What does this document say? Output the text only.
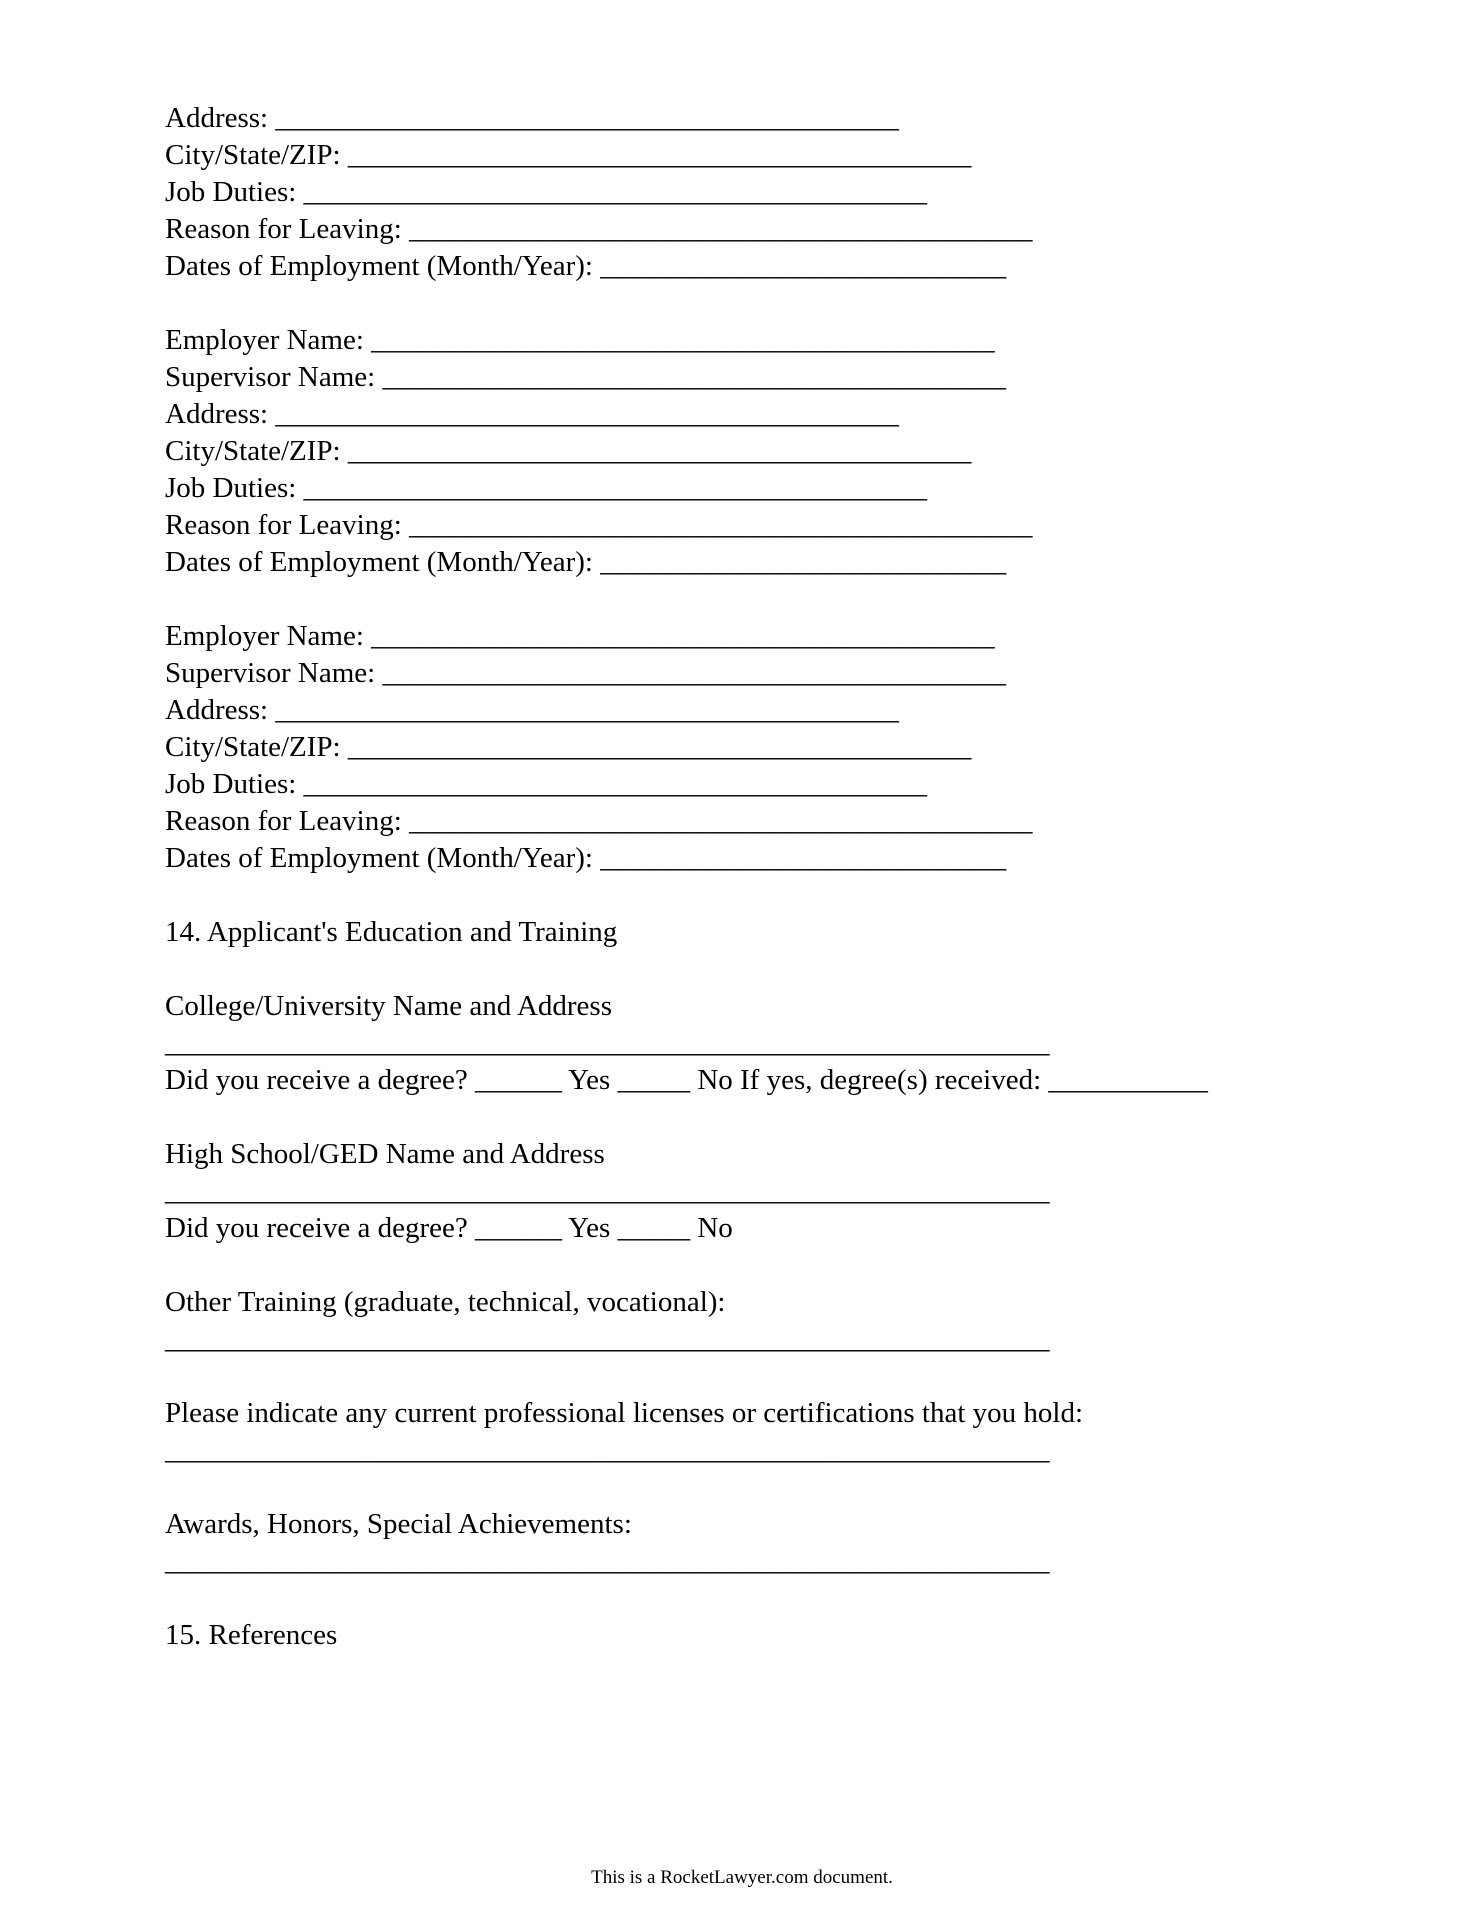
Address: ___________________________________________
City/State/ZIP: ___________________________________________
Job Duties: ___________________________________________
Reason for Leaving: ___________________________________________
Dates of Employment (Month/Year): ____________________________
Employer Name: ___________________________________________
Supervisor Name: ___________________________________________
Address: ___________________________________________
City/State/ZIP: ___________________________________________
Job Duties: ___________________________________________
Reason for Leaving: ___________________________________________
Dates of Employment (Month/Year): ____________________________
Employer Name: ___________________________________________
Supervisor Name: ___________________________________________
Address: ___________________________________________
City/State/ZIP: ___________________________________________
Job Duties: ___________________________________________
Reason for Leaving: ___________________________________________
Dates of Employment (Month/Year): ____________________________
14. Applicant's Education and Training
College/University Name and Address
_____________________________________________________________
Did you receive a degree? ______ Yes _____ No If yes, degree(s) received: ___________
High School/GED Name and Address
_____________________________________________________________
Did you receive a degree? ______ Yes _____ No
Other Training (graduate, technical, vocational):
_____________________________________________________________
Please indicate any current professional licenses or certifications that you hold:
_____________________________________________________________
Awards, Honors, Special Achievements:
_____________________________________________________________
15. References
This is a RocketLawyer.com document.
